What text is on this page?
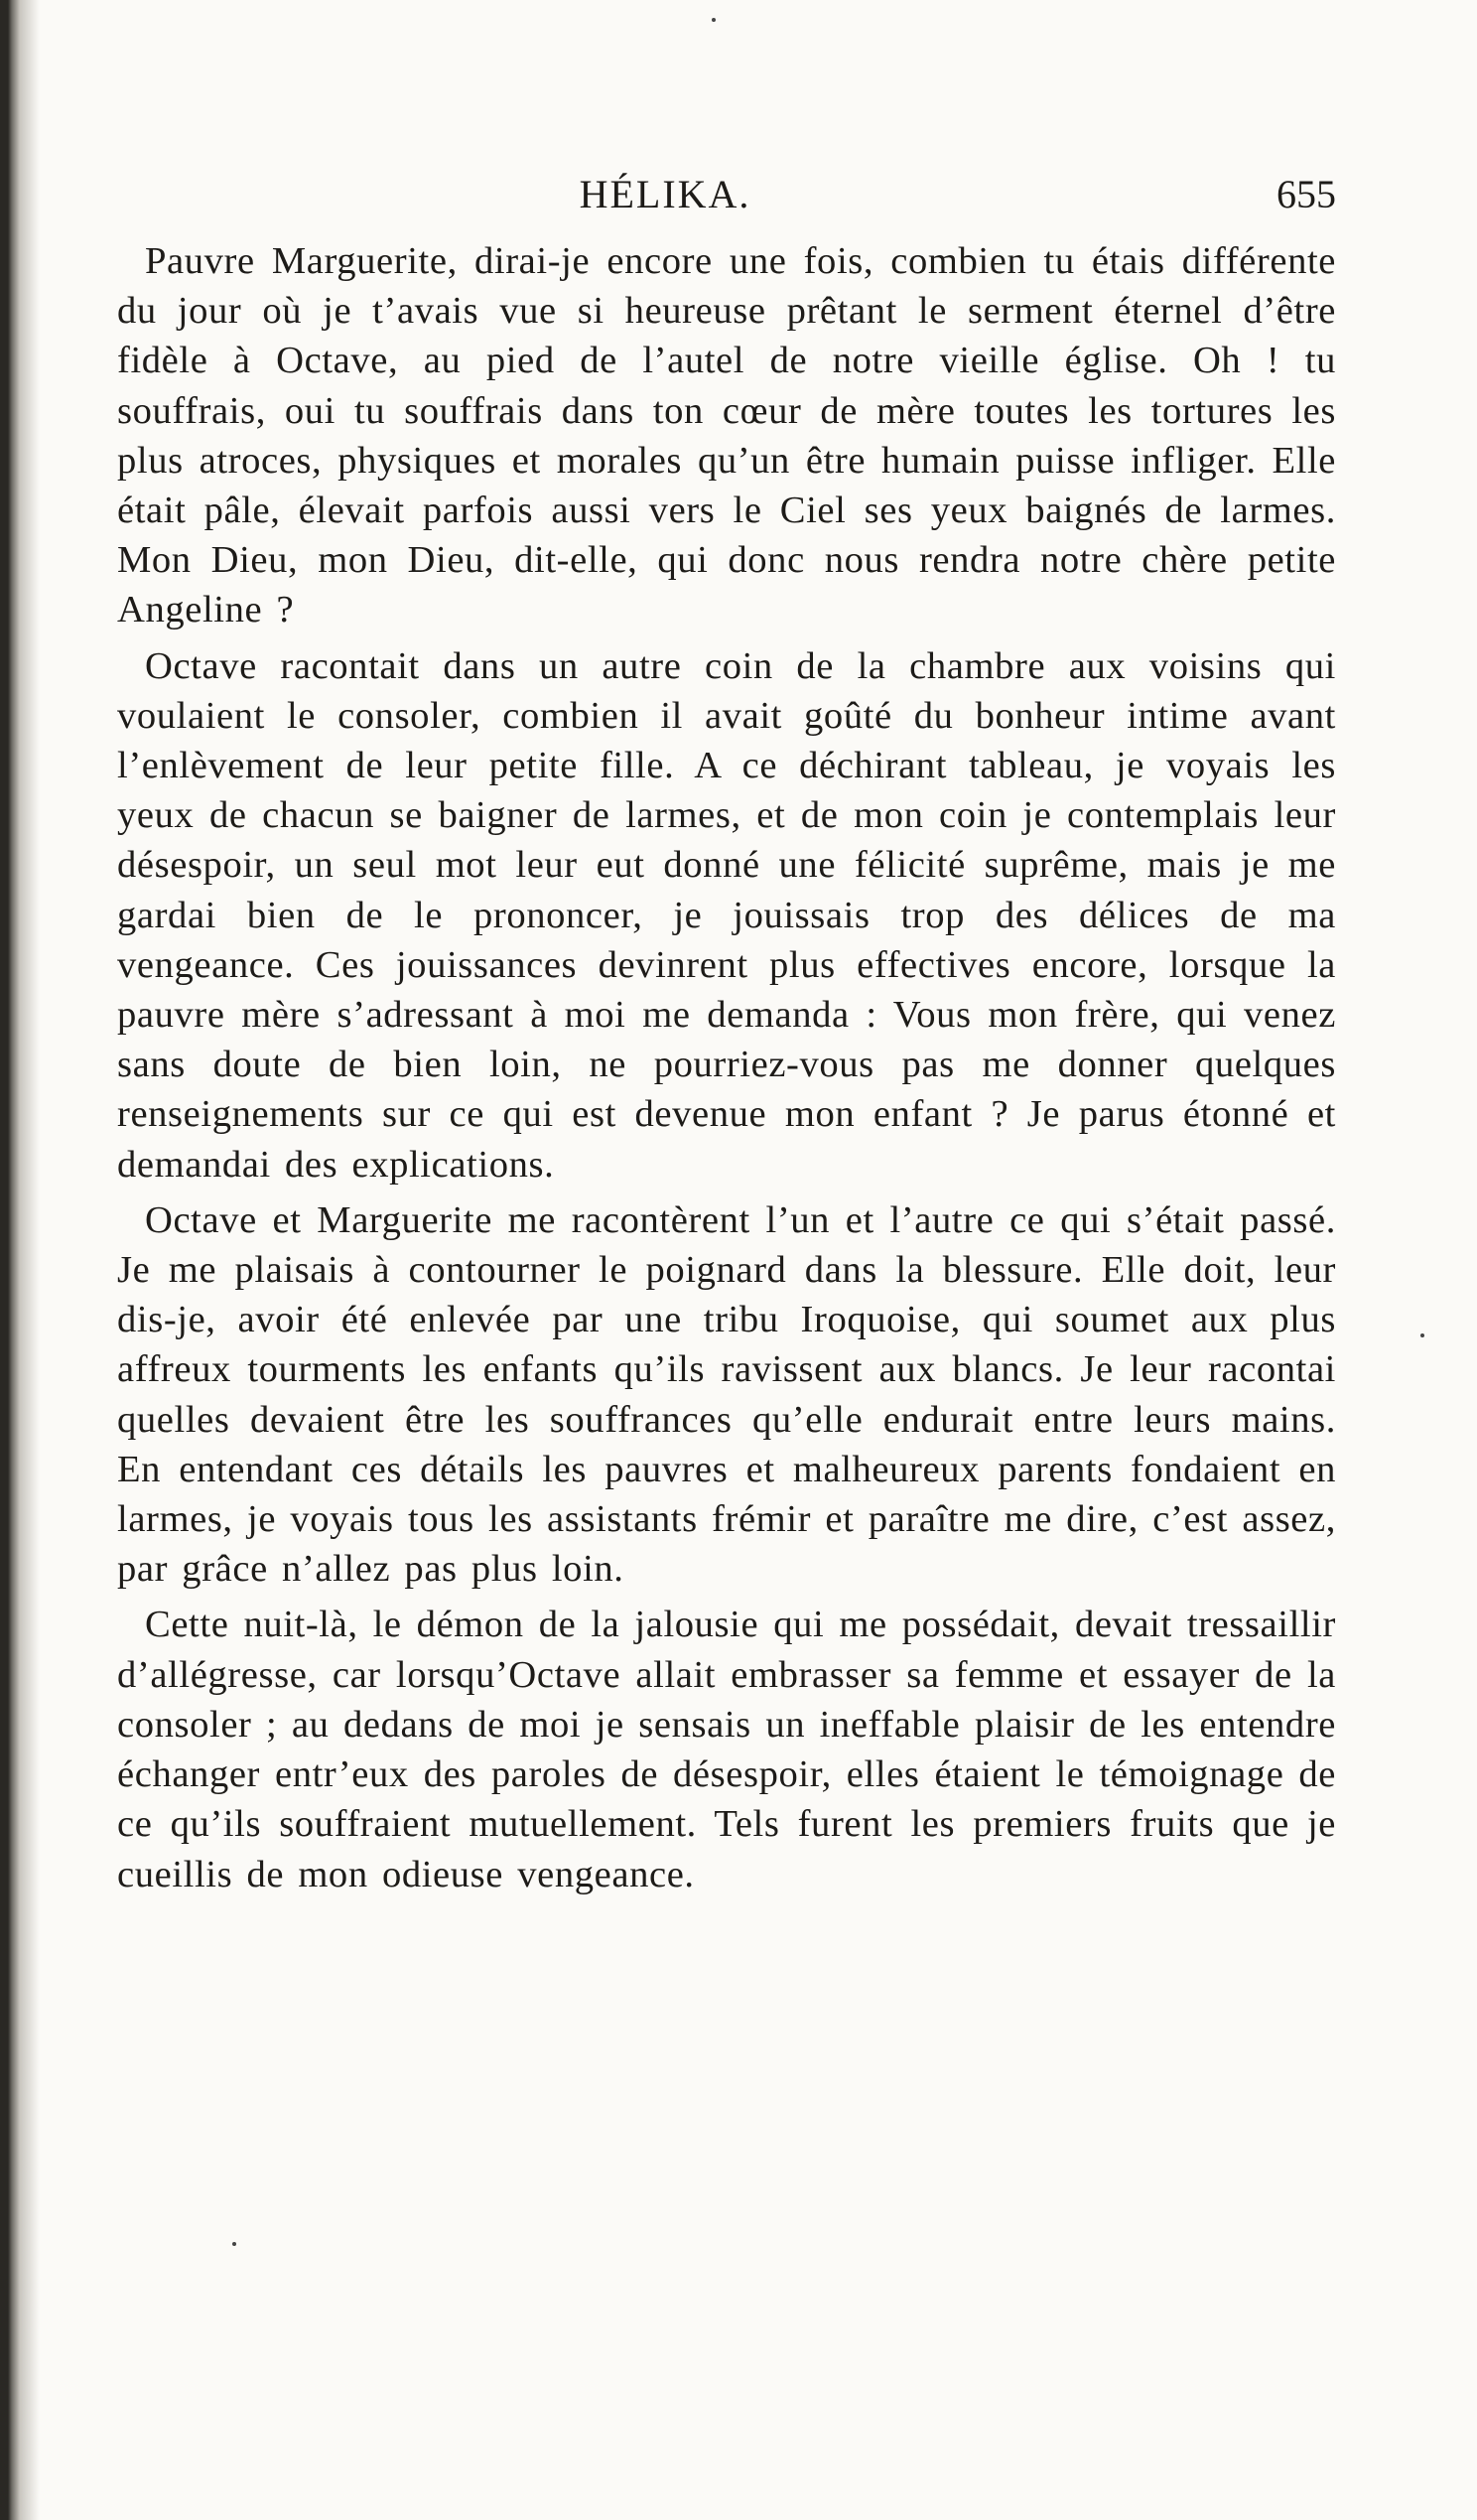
HÉLIKA.	655

Pauvre Marguerite, dirai-je encore une fois, combien tu étais différente du jour où je t’avais vue si heureuse prêtant le serment éternel d’être fidèle à Octave, au pied de l’autel de notre vieille église. Oh ! tu souffrais, oui tu souffrais dans ton cœur de mère toutes les tortures les plus atroces, physiques et morales qu’un être humain puisse infliger. Elle était pâle, élevait parfois aussi vers le Ciel ses yeux baignés de larmes. Mon Dieu, mon Dieu, dit-elle, qui donc nous rendra notre chère petite Angeline ?

Octave racontait dans un autre coin de la chambre aux voisins qui voulaient le consoler, combien il avait goûté du bonheur intime avant l’enlèvement de leur petite fille. A ce déchirant tableau, je voyais les yeux de chacun se baigner de larmes, et de mon coin je contemplais leur désespoir, un seul mot leur eut donné une félicité suprême, mais je me gardai bien de le prononcer, je jouissais trop des délices de ma vengeance. Ces jouissances devinrent plus effectives encore, lorsque la pauvre mère s’adressant à moi me demanda : Vous mon frère, qui venez sans doute de bien loin, ne pourriez-vous pas me donner quelques renseignements sur ce qui est devenue mon enfant ? Je parus étonné et demandai des explications.

Octave et Marguerite me racontèrent l’un et l’autre ce qui s’était passé. Je me plaisais à contourner le poignard dans la blessure. Elle doit, leur dis-je, avoir été enlevée par une tribu Iroquoise, qui soumet aux plus affreux tourments les enfants qu’ils ravissent aux blancs. Je leur racontai quelles devaient être les souffrances qu’elle endurait entre leurs mains. En entendant ces détails les pauvres et malheureux parents fondaient en larmes, je voyais tous les assistants frémir et paraître me dire, c’est assez, par grâce n’allez pas plus loin.

Cette nuit-là, le démon de la jalousie qui me possédait, devait tressaillir d’allégresse, car lorsqu’Octave allait embrasser sa femme et essayer de la consoler ; au dedans de moi je sensais un ineffable plaisir de les entendre échanger entr’eux des paroles de désespoir, elles étaient le témoignage de ce qu’ils souffraient mutuellement. Tels furent les premiers fruits que je cueillis de mon odieuse vengeance.
